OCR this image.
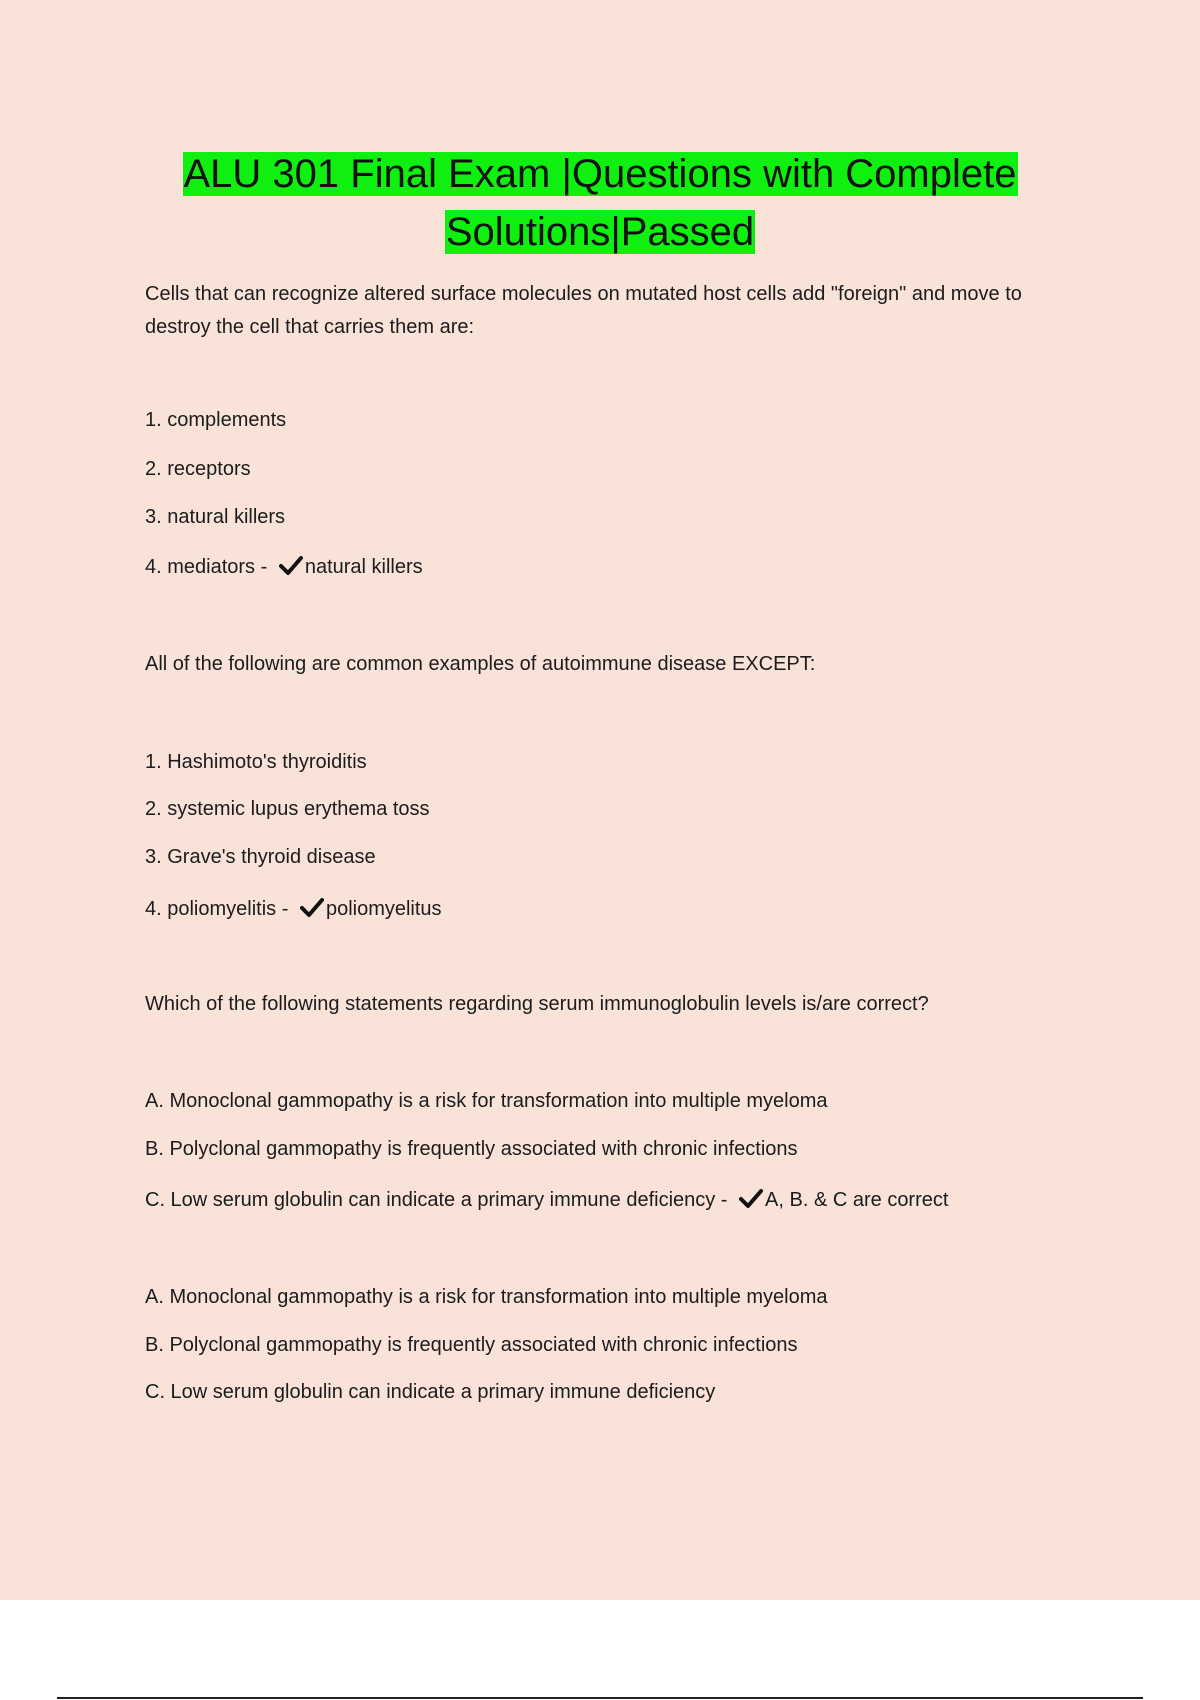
ALU 301 Final Exam |Questions with Complete
Solutions|Passed
Cells that can recognize altered surface molecules on mutated host cells add "foreign" and move to destroy the cell that carries them are:
1. complements
2. receptors
3. natural killers
4. mediators - natural killers
All of the following are common examples of autoimmune disease EXCEPT:
1. Hashimoto's thyroiditis
2. systemic lupus erythema toss
3. Grave's thyroid disease
4. poliomyelitis - poliomyelitus
Which of the following statements regarding serum immunoglobulin levels is/are correct?
A. Monoclonal gammopathy is a risk for transformation into multiple myeloma
B. Polyclonal gammopathy is frequently associated with chronic infections
C. Low serum globulin can indicate a primary immune deficiency - A, B. & C are correct
A. Monoclonal gammopathy is a risk for transformation into multiple myeloma
B. Polyclonal gammopathy is frequently associated with chronic infections
C. Low serum globulin can indicate a primary immune deficiency
